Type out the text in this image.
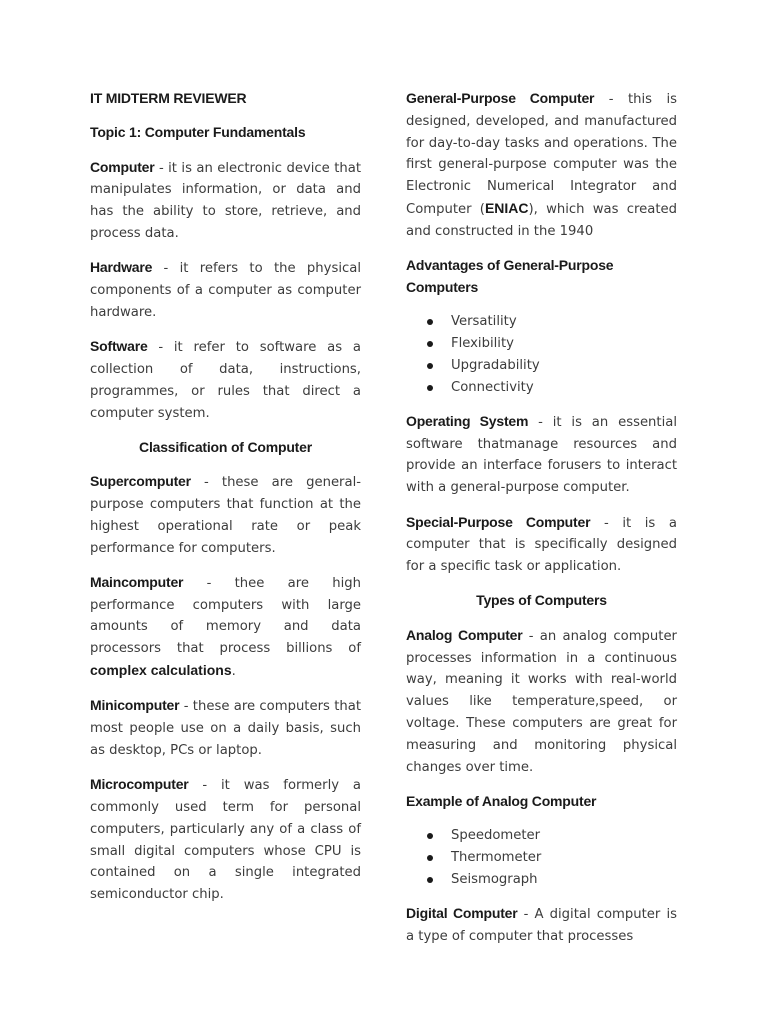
IT MIDTERM REVIEWER
Topic 1: Computer Fundamentals

Computer - it is an electronic device that manipulates information, or data and has the ability to store, retrieve, and process data.

Hardware - it refers to the physical components of a computer as computer hardware.

Software - it refer to software as a collection of data, instructions, programmes, or rules that direct a computer system.

Classification of Computer

Supercomputer - these are general-purpose computers that function at the highest operational rate or peak performance for computers.

Maincomputer - thee are high performance computers with large amounts of memory and data processors that process billions of complex calculations.

Minicomputer - these are computers that most people use on a daily basis, such as desktop, PCs or laptop.

Microcomputer - it was formerly a commonly used term for personal computers, particularly any of a class of small digital computers whose CPU is contained on a single integrated semiconductor chip.

General-Purpose Computer - this is designed, developed, and manufactured for day-to-day tasks and operations. The first general-purpose computer was the Electronic Numerical Integrator and Computer (ENIAC), which was created and constructed in the 1940

Advantages of General-Purpose Computers
Versatility
Flexibility
Upgradability
Connectivity

Operating System - it is an essential software thatmanage resources and provide an interface forusers to interact with a general-purpose computer.

Special-Purpose Computer - it is a computer that is specifically designed for a specific task or application.

Types of Computers

Analog Computer - an analog computer processes information in a continuous way, meaning it works with real-world values like temperature,speed, or voltage. These computers are great for measuring and monitoring physical changes over time.

Example of Analog Computer
Speedometer
Thermometer
Seismograph

Digital Computer - A digital computer is a type of computer that processes
